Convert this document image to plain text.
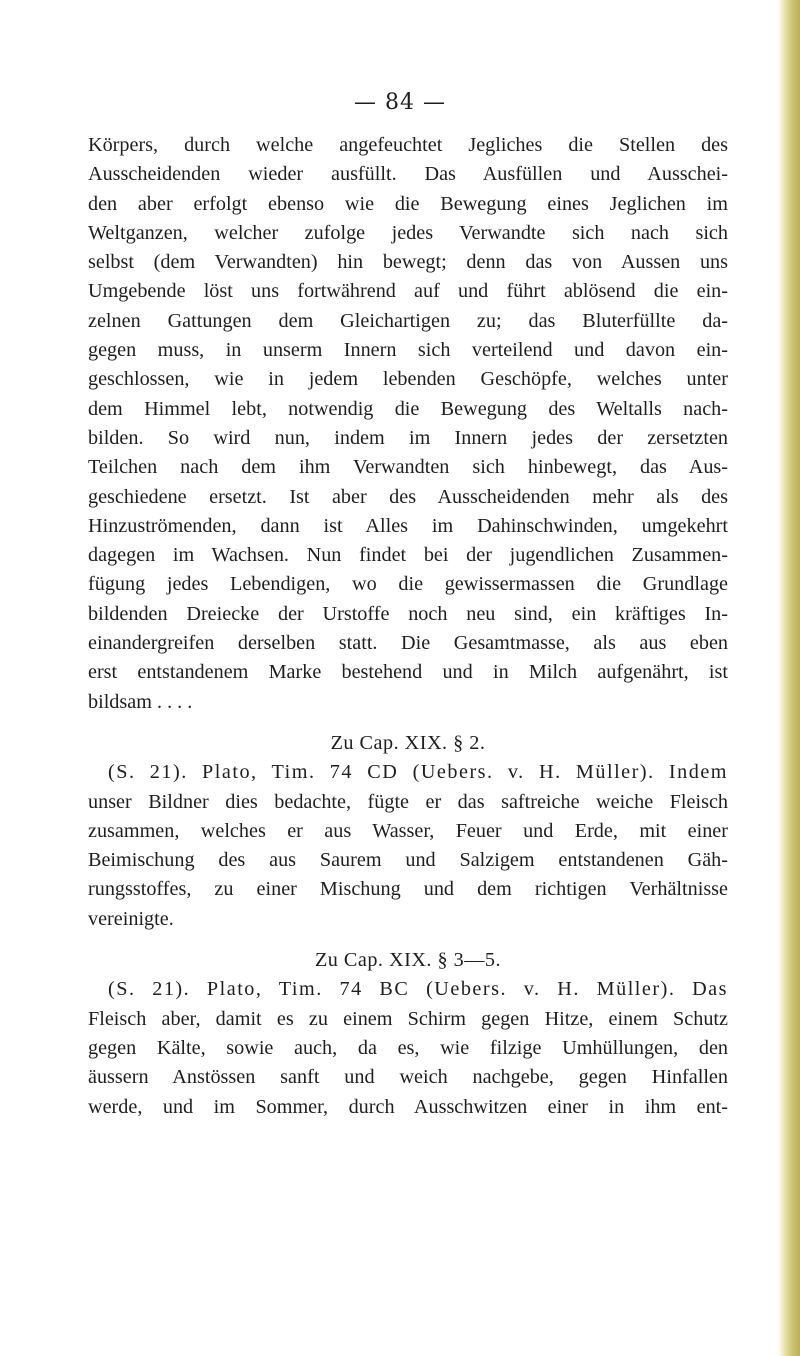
— 84 —
Körpers, durch welche angefeuchtet Jegliches die Stellen des
Ausscheidenden wieder ausfüllt. Das Ausfüllen und Ausschei-
den aber erfolgt ebenso wie die Bewegung eines Jeglichen im
Weltganzen, welcher zufolge jedes Verwandte sich nach sich
selbst (dem Verwandten) hin bewegt; denn das von Aussen uns
Umgebende löst uns fortwährend auf und führt ablösend die ein-
zelnen Gattungen dem Gleichartigen zu; das Bluterfüllte da-
gegen muss, in unserm Innern sich verteilend und davon ein-
geschlossen, wie in jedem lebenden Geschöpfe, welches unter
dem Himmel lebt, notwendig die Bewegung des Weltalls nach-
bilden. So wird nun, indem im Innern jedes der zersetzten
Teilchen nach dem ihm Verwandten sich hinbewegt, das Aus-
geschiedene ersetzt. Ist aber des Ausscheidenden mehr als des
Hinzuströmenden, dann ist Alles im Dahinschwinden, umgekehrt
dagegen im Wachsen. Nun findet bei der jugendlichen Zusammen-
fügung jedes Lebendigen, wo die gewissermassen die Grundlage
bildenden Dreiecke der Urstoffe noch neu sind, ein kräftiges In-
einandergreifen derselben statt. Die Gesamtmasse, als aus eben
erst entstandenem Marke bestehend und in Milch aufgenährt, ist
bildsam . . . .
Zu Cap. XIX. § 2.
(S. 21). Plato, Tim. 74 CD (Uebers. v. H. Müller). Indem
unser Bildner dies bedachte, fügte er das saftreiche weiche Fleisch
zusammen, welches er aus Wasser, Feuer und Erde, mit einer
Beimischung des aus Saurem und Salzigem entstandenen Gäh-
rungsstoffes, zu einer Mischung und dem richtigen Verhältnisse
vereinigte.
Zu Cap. XIX. § 3—5.
(S. 21). Plato, Tim. 74 BC (Uebers. v. H. Müller). Das
Fleisch aber, damit es zu einem Schirm gegen Hitze, einem Schutz
gegen Kälte, sowie auch, da es, wie filzige Umhüllungen, den
äussern Anstössen sanft und weich nachgebe, gegen Hinfallen
werde, und im Sommer, durch Ausschwitzen einer in ihm ent-
